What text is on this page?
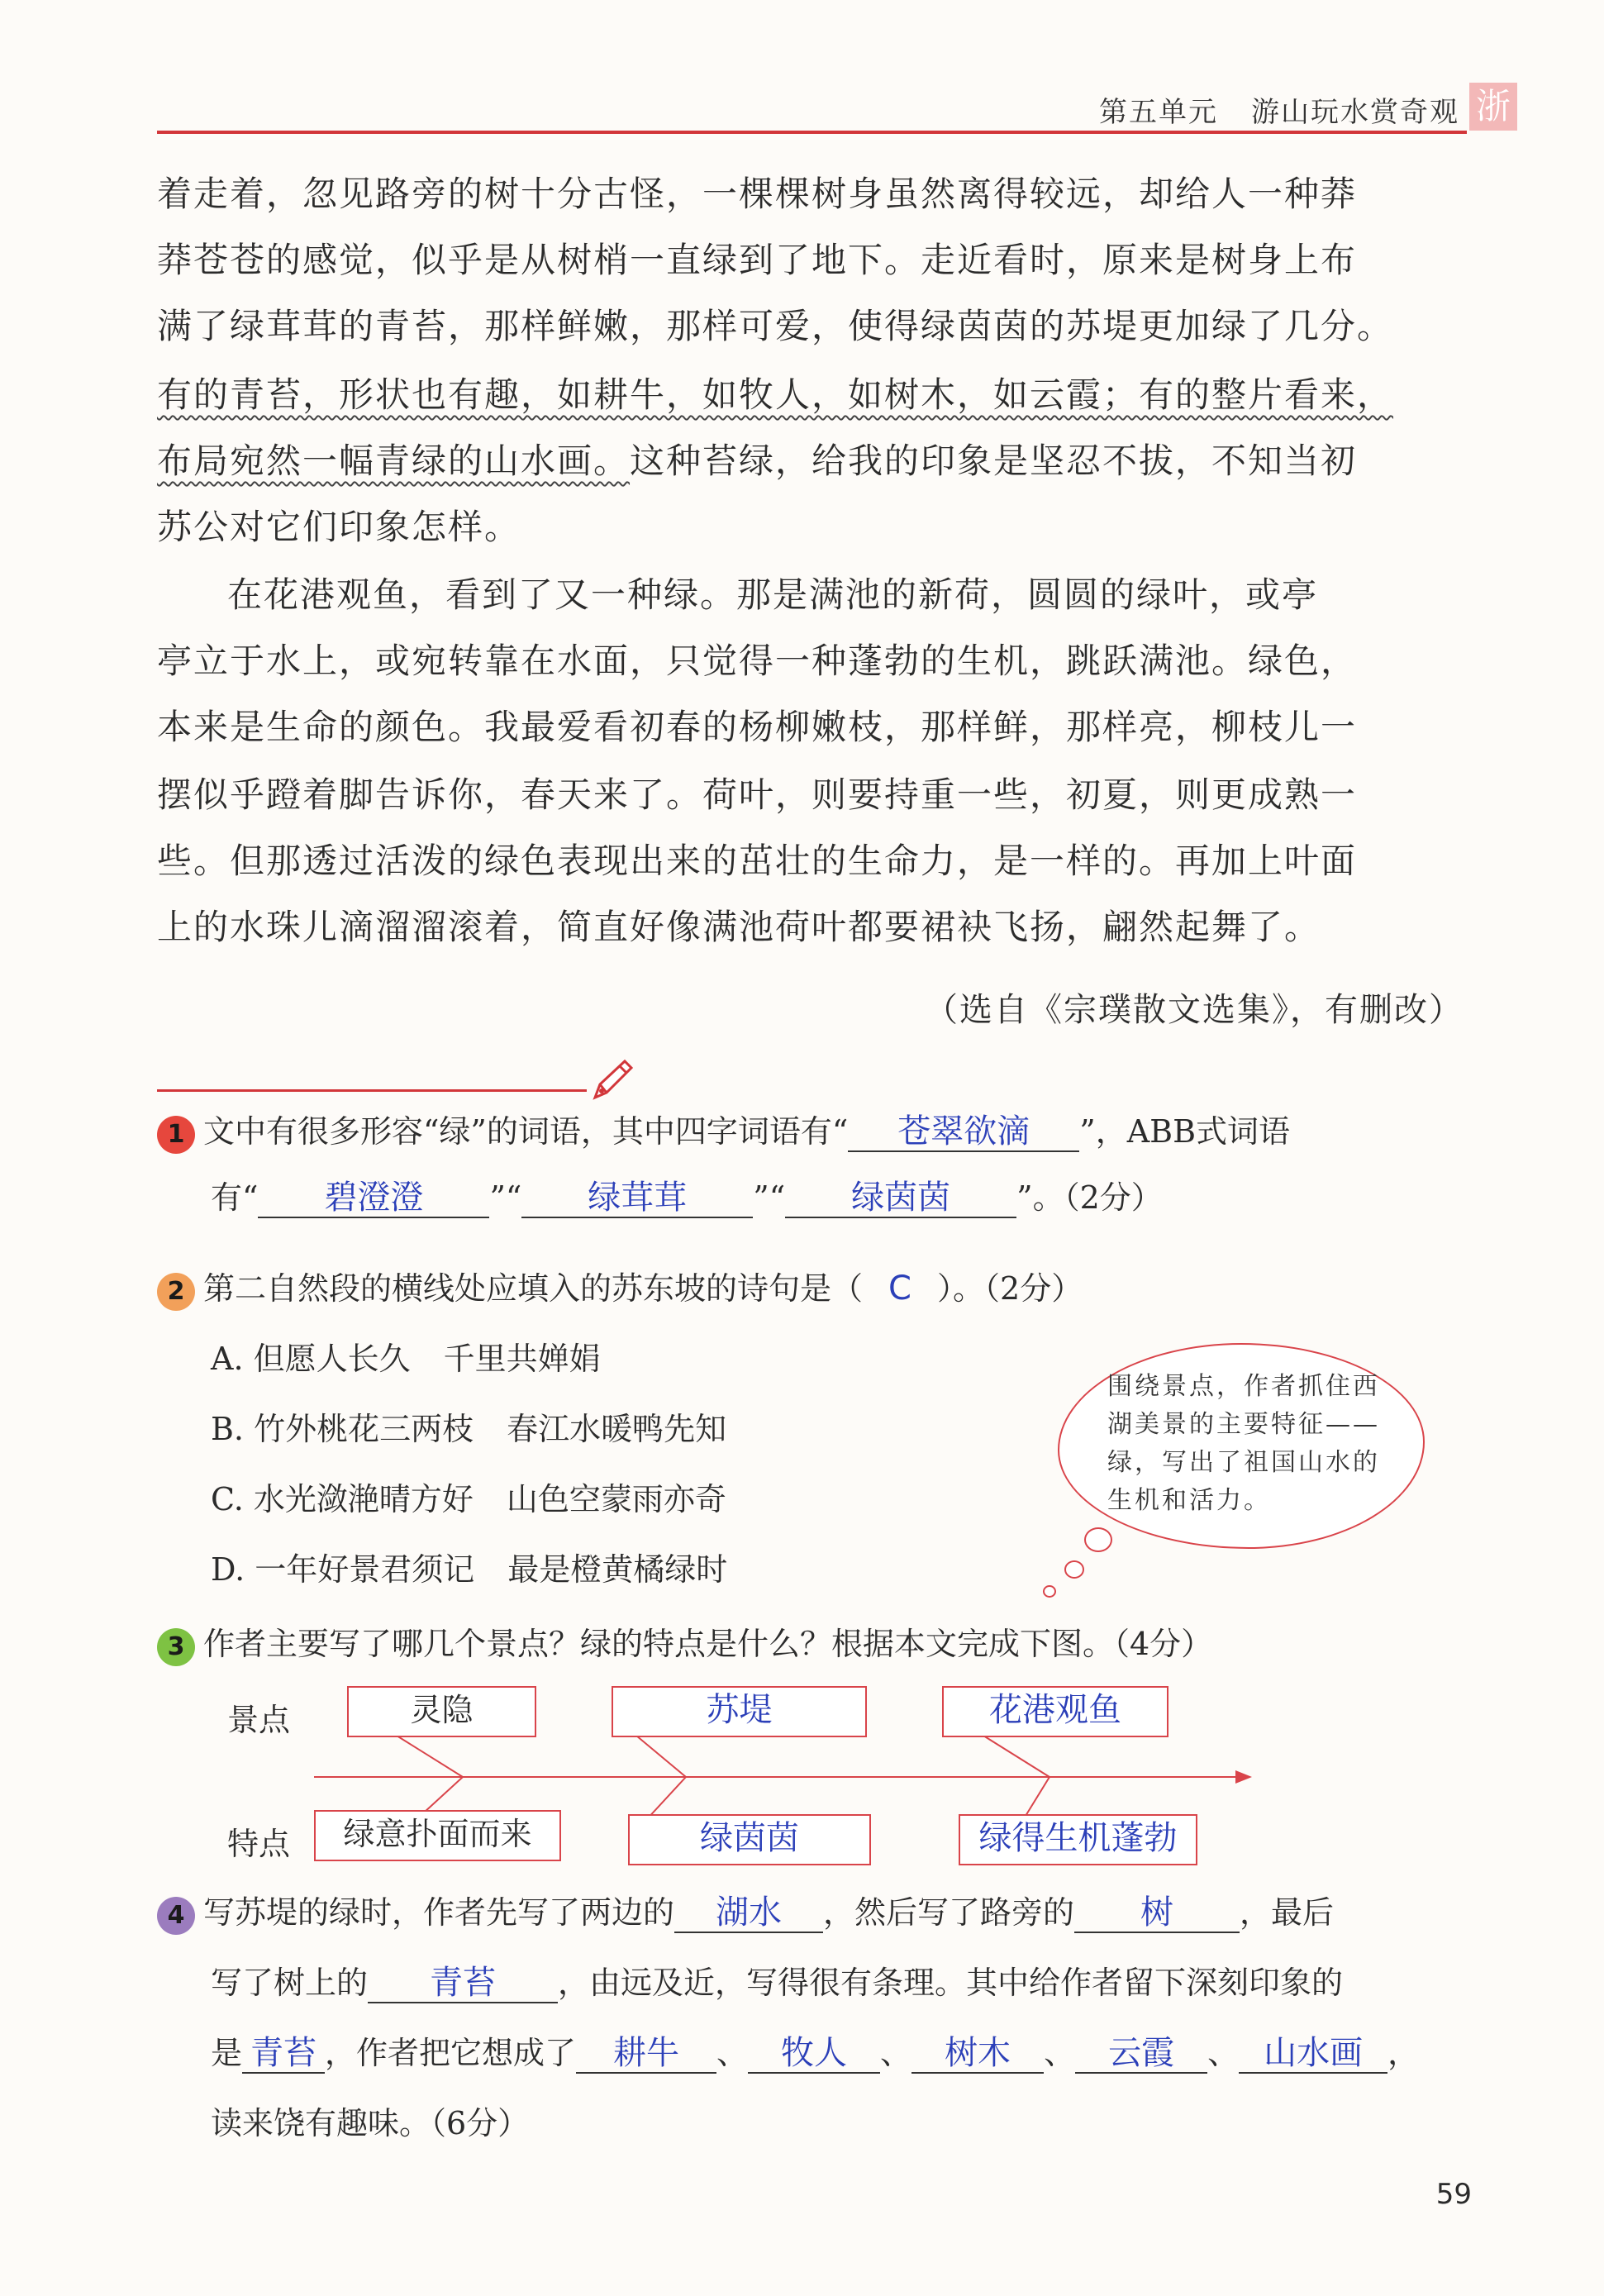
第五单元 游山玩水赏奇观 浙
着走着，忽见路旁的树十分古怪，一棵棵树身虽然离得较远，却给人一种莽
莽苍苍的感觉，似乎是从树梢一直绿到了地下。走近看时，原来是树身上布
满了绿茸茸的青苔，那样鲜嫩，那样可爱，使得绿茵茵的苏堤更加绿了几分。
有的青苔，形状也有趣，如耕牛，如牧人，如树木，如云霞；有的整片看来，
布局宛然一幅青绿的山水画。这种苔绿，给我的印象是坚忍不拔，不知当初
苏公对它们印象怎样。
在花港观鱼，看到了又一种绿。那是满池的新荷，圆圆的绿叶，或亭
亭立于水上，或宛转靠在水面，只觉得一种蓬勃的生机，跳跃满池。绿色，
本来是生命的颜色。我最爱看初春的杨柳嫩枝，那样鲜，那样亮，柳枝儿一
摆似乎蹬着脚告诉你，春天来了。荷叶，则要持重一些，初夏，则更成熟一
些。但那透过活泼的绿色表现出来的茁壮的生命力，是一样的。再加上叶面
上的水珠儿滴溜溜滚着，简直好像满池荷叶都要裙袂飞扬，翩然起舞了。
（选自《宗璞散文选集》，有删改）
1 文中有很多形容“绿”的词语，其中四字词语有“ 苍翠欲滴 ”，ABB式词语
有“ 碧澄澄 ”“ 绿茸茸 ”“ 绿茵茵 ”。（2分）
2 第二自然段的横线处应填入的苏东坡的诗句是（ C ）。（2分）
A. 但愿人长久 千里共婵娟
B. 竹外桃花三两枝 春江水暖鸭先知
C. 水光潋滟晴方好 山色空蒙雨亦奇
D. 一年好景君须记 最是橙黄橘绿时
围绕景点，作者抓住西湖美景的主要特征——绿，写出了祖国山水的生机和活力。
3 作者主要写了哪几个景点？绿的特点是什么？根据本文完成下图。（4分）
景点
特点
灵隐	苏堤	花港观鱼
绿意扑面而来	绿茵茵	绿得生机蓬勃
4 写苏堤的绿时，作者先写了两边的 湖水 ，然后写了路旁的 树 ，最后
写了树上的 青苔 ，由远及近，写得很有条理。其中给作者留下深刻印象的
是 青苔 ，作者把它想成了 耕牛 、 牧人 、 树木 、 云霞 、 山水画 ，
读来饶有趣味。（6分）
59
